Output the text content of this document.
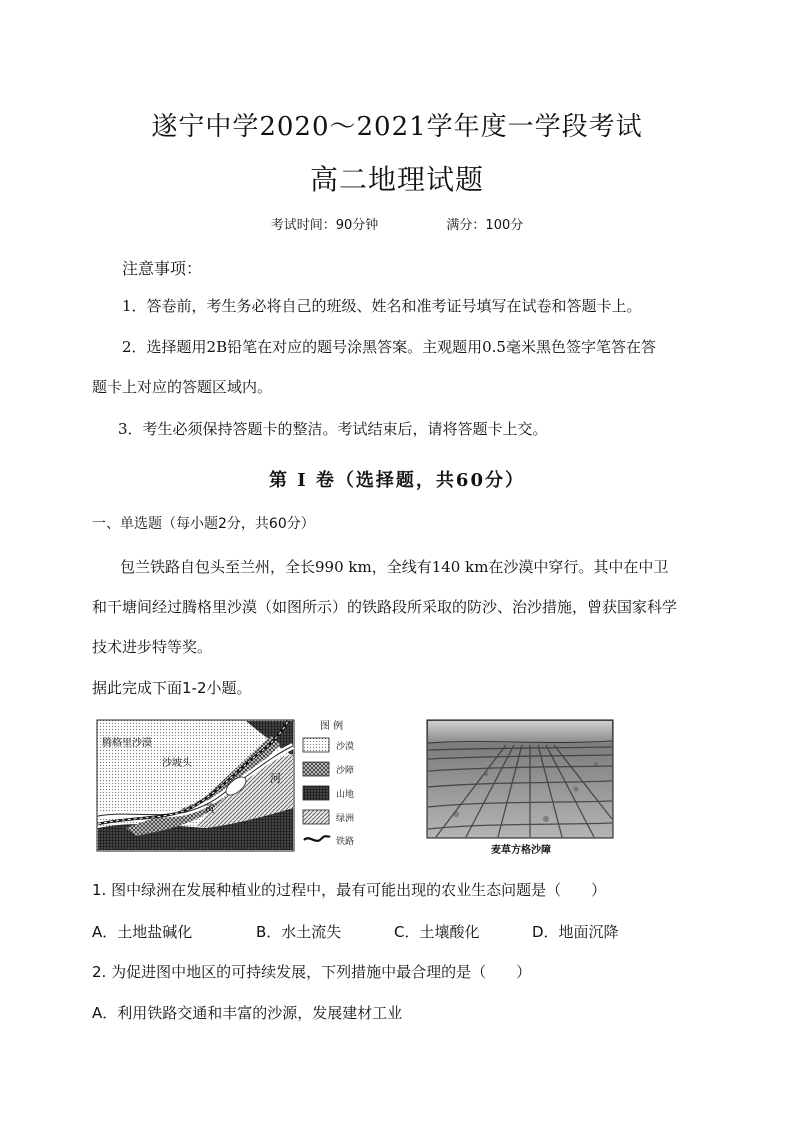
遂宁中学2020～2021学年度一学段考试
高二地理试题
考试时间：90分钟	满分：100分
注意事项：
1．答卷前，考生务必将自己的班级、姓名和准考证号填写在试卷和答题卡上。
2．选择题用2B铅笔在对应的题号涂黑答案。主观题用0.5毫米黑色签字笔答在答
题卡上对应的答题区域内。
3．考生必须保持答题卡的整洁。考试结束后，请将答题卡上交。
第 Ⅰ 卷（选择题，共60分）
一、单选题（每小题2分，共60分）
包兰铁路自包头至兰州，全长990 km，全线有140 km在沙漠中穿行。其中在中卫
和干塘间经过腾格里沙漠（如图所示）的铁路段所采取的防沙、治沙措施，曾获国家科学
技术进步特等奖。
据此完成下面1-2小题。
腾格里沙漠
沙坡头
黄
河
图 例
沙漠
沙障
山地
绿洲
铁路
麦草方格沙障
1. 图中绿洲在发展种植业的过程中，最有可能出现的农业生态问题是（　　）
A．土地盐碱化	B．水土流失	C．土壤酸化	D．地面沉降
2. 为促进图中地区的可持续发展，下列措施中最合理的是（　　）
A．利用铁路交通和丰富的沙源，发展建材工业
